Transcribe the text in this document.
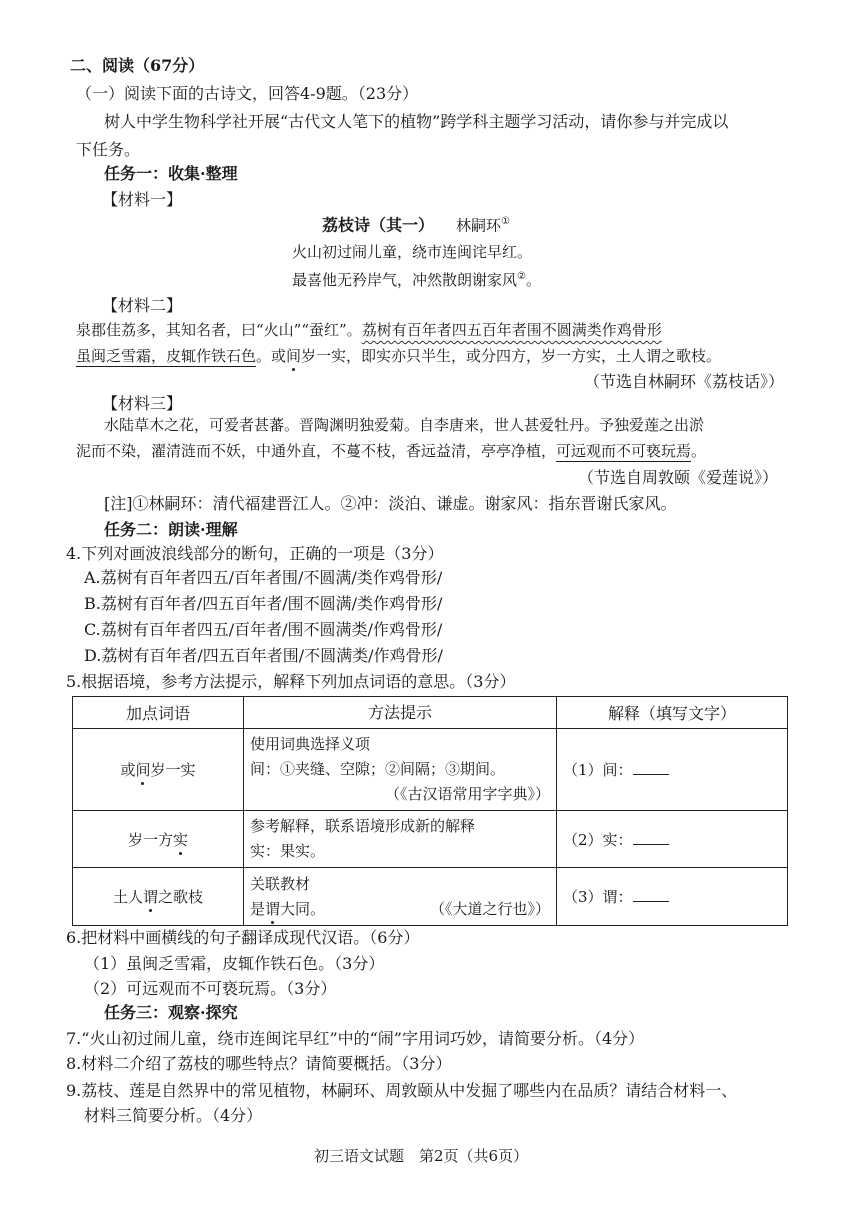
二、阅读（67分）
（一）阅读下面的古诗文，回答4-9题。（23分）
树人中学生物科学社开展“古代文人笔下的植物”跨学科主题学习活动，请你参与并完成以
下任务。
任务一：收集·整理
【材料一】
荔枝诗（其一） 林嗣环①
火山初过闹儿童，绕市连闽诧早红。
最喜他无矜岸气，冲然散朗谢家风②。
【材料二】
泉郡佳荔多，其知名者，曰“火山”“蚕红”。荔树有百年者四五百年者围不圆满类作鸡骨形
虽闽乏雪霜，皮辄作铁石色。或间岁一实，即实亦只半生，或分四方，岁一方实，土人谓之歌枝。
（节选自林嗣环《荔枝话》）
【材料三】
水陆草木之花，可爱者甚蕃。晋陶渊明独爱菊。自李唐来，世人甚爱牡丹。予独爱莲之出淤
泥而不染，濯清涟而不妖，中通外直，不蔓不枝，香远益清，亭亭净植，可远观而不可亵玩焉。
（节选自周敦颐《爱莲说》）
[注]①林嗣环：清代福建晋江人。②冲：淡泊、谦虚。谢家风：指东晋谢氏家风。
任务二：朗读·理解
4.下列对画波浪线部分的断句，正确的一项是（3分）
A.荔树有百年者四五/百年者围/不圆满/类作鸡骨形/
B.荔树有百年者/四五百年者/围不圆满/类作鸡骨形/
C.荔树有百年者四五/百年者/围不圆满类/作鸡骨形/
D.荔树有百年者/四五百年者围/不圆满类/作鸡骨形/
5.根据语境，参考方法提示，解释下列加点词语的意思。（3分）
加点词语	方法提示	解释（填写文字）
或间岁一实	使用词典选择义项
间：①夹缝、空隙；②间隔；③期间。
（《古汉语常用字字典》）	（1）间：
岁一方实	参考解释，联系语境形成新的解释
实：果实。	（2）实：
土人谓之歌枝	关联教材
是谓大同。 （《大道之行也》）	（3）谓：
6.把材料中画横线的句子翻译成现代汉语。（6分）
（1）虽闽乏雪霜，皮辄作铁石色。（3分）
（2）可远观而不可亵玩焉。（3分）
任务三：观察·探究
7.“火山初过闹儿童，绕市连闽诧早红”中的“闹”字用词巧妙，请简要分析。（4分）
8.材料二介绍了荔枝的哪些特点？请简要概括。（3分）
9.荔枝、莲是自然界中的常见植物，林嗣环、周敦颐从中发掘了哪些内在品质？请结合材料一、
材料三简要分析。（4分）
初三语文试题　第2页（共6页）
